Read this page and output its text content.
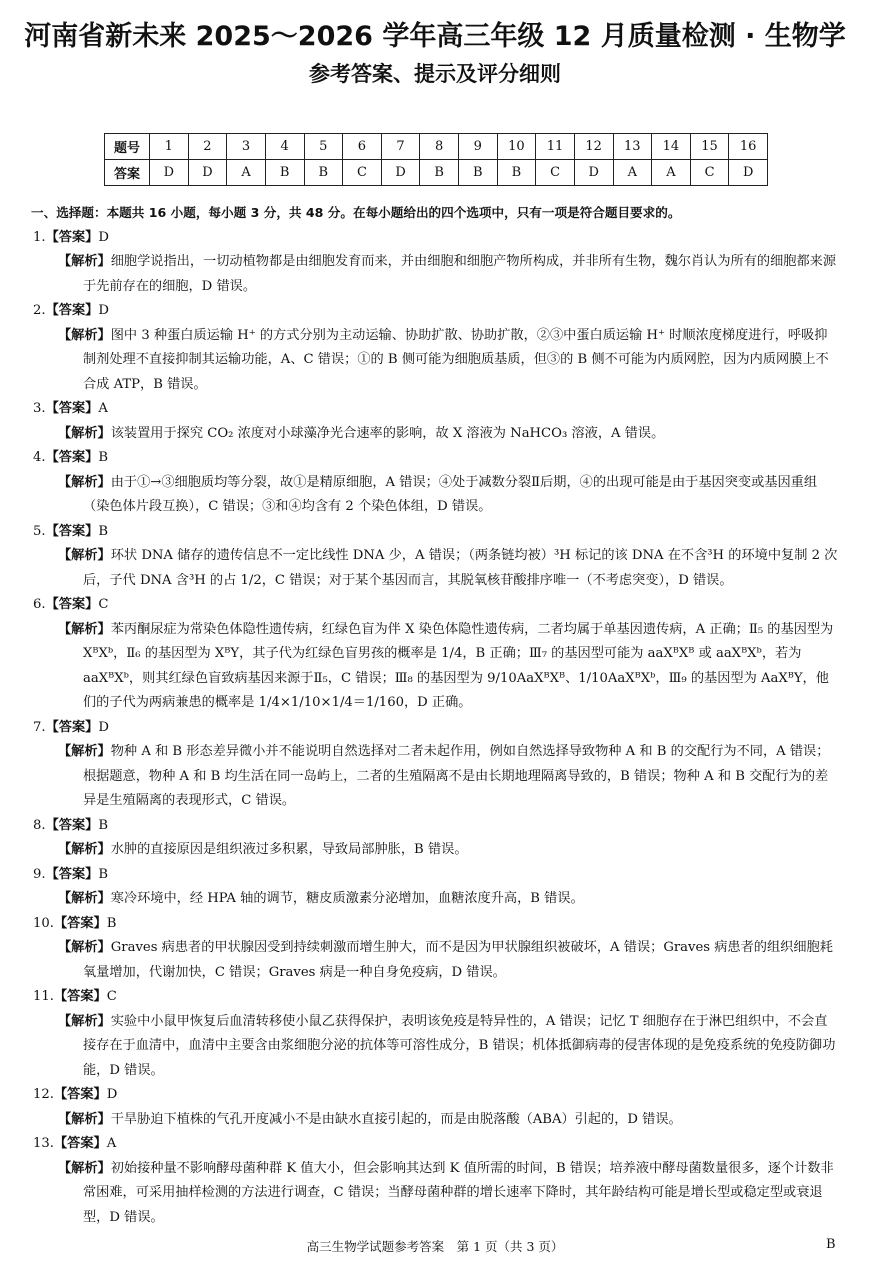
河南省新未来 2025～2026 学年高三年级 12 月质量检测 · 生物学
参考答案、提示及评分细则
题号	1	2	3	4	5	6	7	8	9	10	11	12	13	14	15	16
答案	D	D	A	B	B	C	D	B	B	B	C	D	A	A	C	D
一、选择题：本题共 16 小题，每小题 3 分，共 48 分。在每小题给出的四个选项中，只有一项是符合题目要求的。
1.【答案】D
【解析】细胞学说指出，一切动植物都是由细胞发育而来，并由细胞和细胞产物所构成，并非所有生物，魏尔肖认为所有的细胞都来源于先前存在的细胞，D 错误。
2.【答案】D
【解析】图中 3 种蛋白质运输 H⁺ 的方式分别为主动运输、协助扩散、协助扩散，②③中蛋白质运输 H⁺ 时顺浓度梯度进行，呼吸抑制剂处理不直接抑制其运输功能，A、C 错误；①的 B 侧可能为细胞质基质，但③的 B 侧不可能为内质网腔，因为内质网膜上不合成 ATP，B 错误。
3.【答案】A
【解析】该装置用于探究 CO₂ 浓度对小球藻净光合速率的影响，故 X 溶液为 NaHCO₃ 溶液，A 错误。
4.【答案】B
【解析】由于①→③细胞质均等分裂，故①是精原细胞，A 错误；④处于减数分裂Ⅱ后期，④的出现可能是由于基因突变或基因重组（染色体片段互换），C 错误；③和④均含有 2 个染色体组，D 错误。
5.【答案】B
【解析】环状 DNA 储存的遗传信息不一定比线性 DNA 少，A 错误；（两条链均被）³H 标记的该 DNA 在不含³H 的环境中复制 2 次后，子代 DNA 含³H 的占 1/2，C 错误；对于某个基因而言，其脱氧核苷酸排序唯一（不考虑突变），D 错误。
6.【答案】C
【解析】苯丙酮尿症为常染色体隐性遗传病，红绿色盲为伴 X 染色体隐性遗传病，二者均属于单基因遗传病，A 正确；Ⅱ₅ 的基因型为 XᴮXᵇ，Ⅱ₆ 的基因型为 XᴮY，其子代为红绿色盲男孩的概率是 1/4，B 正确；Ⅲ₇ 的基因型可能为 aaXᴮXᴮ 或 aaXᴮXᵇ，若为 aaXᴮXᵇ，则其红绿色盲致病基因来源于Ⅱ₅，C 错误；Ⅲ₈ 的基因型为 9/10AaXᴮXᴮ、1/10AaXᴮXᵇ，Ⅲ₉ 的基因型为 AaXᴮY，他们的子代为两病兼患的概率是 1/4×1/10×1/4＝1/160，D 正确。
7.【答案】D
【解析】物种 A 和 B 形态差异微小并不能说明自然选择对二者未起作用，例如自然选择导致物种 A 和 B 的交配行为不同，A 错误；根据题意，物种 A 和 B 均生活在同一岛屿上，二者的生殖隔离不是由长期地理隔离导致的，B 错误；物种 A 和 B 交配行为的差异是生殖隔离的表现形式，C 错误。
8.【答案】B
【解析】水肿的直接原因是组织液过多积累，导致局部肿胀，B 错误。
9.【答案】B
【解析】寒冷环境中，经 HPA 轴的调节，糖皮质激素分泌增加，血糖浓度升高，B 错误。
10.【答案】B
【解析】Graves 病患者的甲状腺因受到持续刺激而增生肿大，而不是因为甲状腺组织被破坏，A 错误；Graves 病患者的组织细胞耗氧量增加，代谢加快，C 错误；Graves 病是一种自身免疫病，D 错误。
11.【答案】C
【解析】实验中小鼠甲恢复后血清转移使小鼠乙获得保护，表明该免疫是特异性的，A 错误；记忆 T 细胞存在于淋巴组织中，不会直接存在于血清中，血清中主要含由浆细胞分泌的抗体等可溶性成分，B 错误；机体抵御病毒的侵害体现的是免疫系统的免疫防御功能，D 错误。
12.【答案】D
【解析】干旱胁迫下植株的气孔开度减小不是由缺水直接引起的，而是由脱落酸（ABA）引起的，D 错误。
13.【答案】A
【解析】初始接种量不影响酵母菌种群 K 值大小，但会影响其达到 K 值所需的时间，B 错误；培养液中酵母菌数量很多，逐个计数非常困难，可采用抽样检测的方法进行调查，C 错误；当酵母菌种群的增长速率下降时，其年龄结构可能是增长型或稳定型或衰退型，D 错误。
高三生物学试题参考答案　第 1 页（共 3 页）	B
